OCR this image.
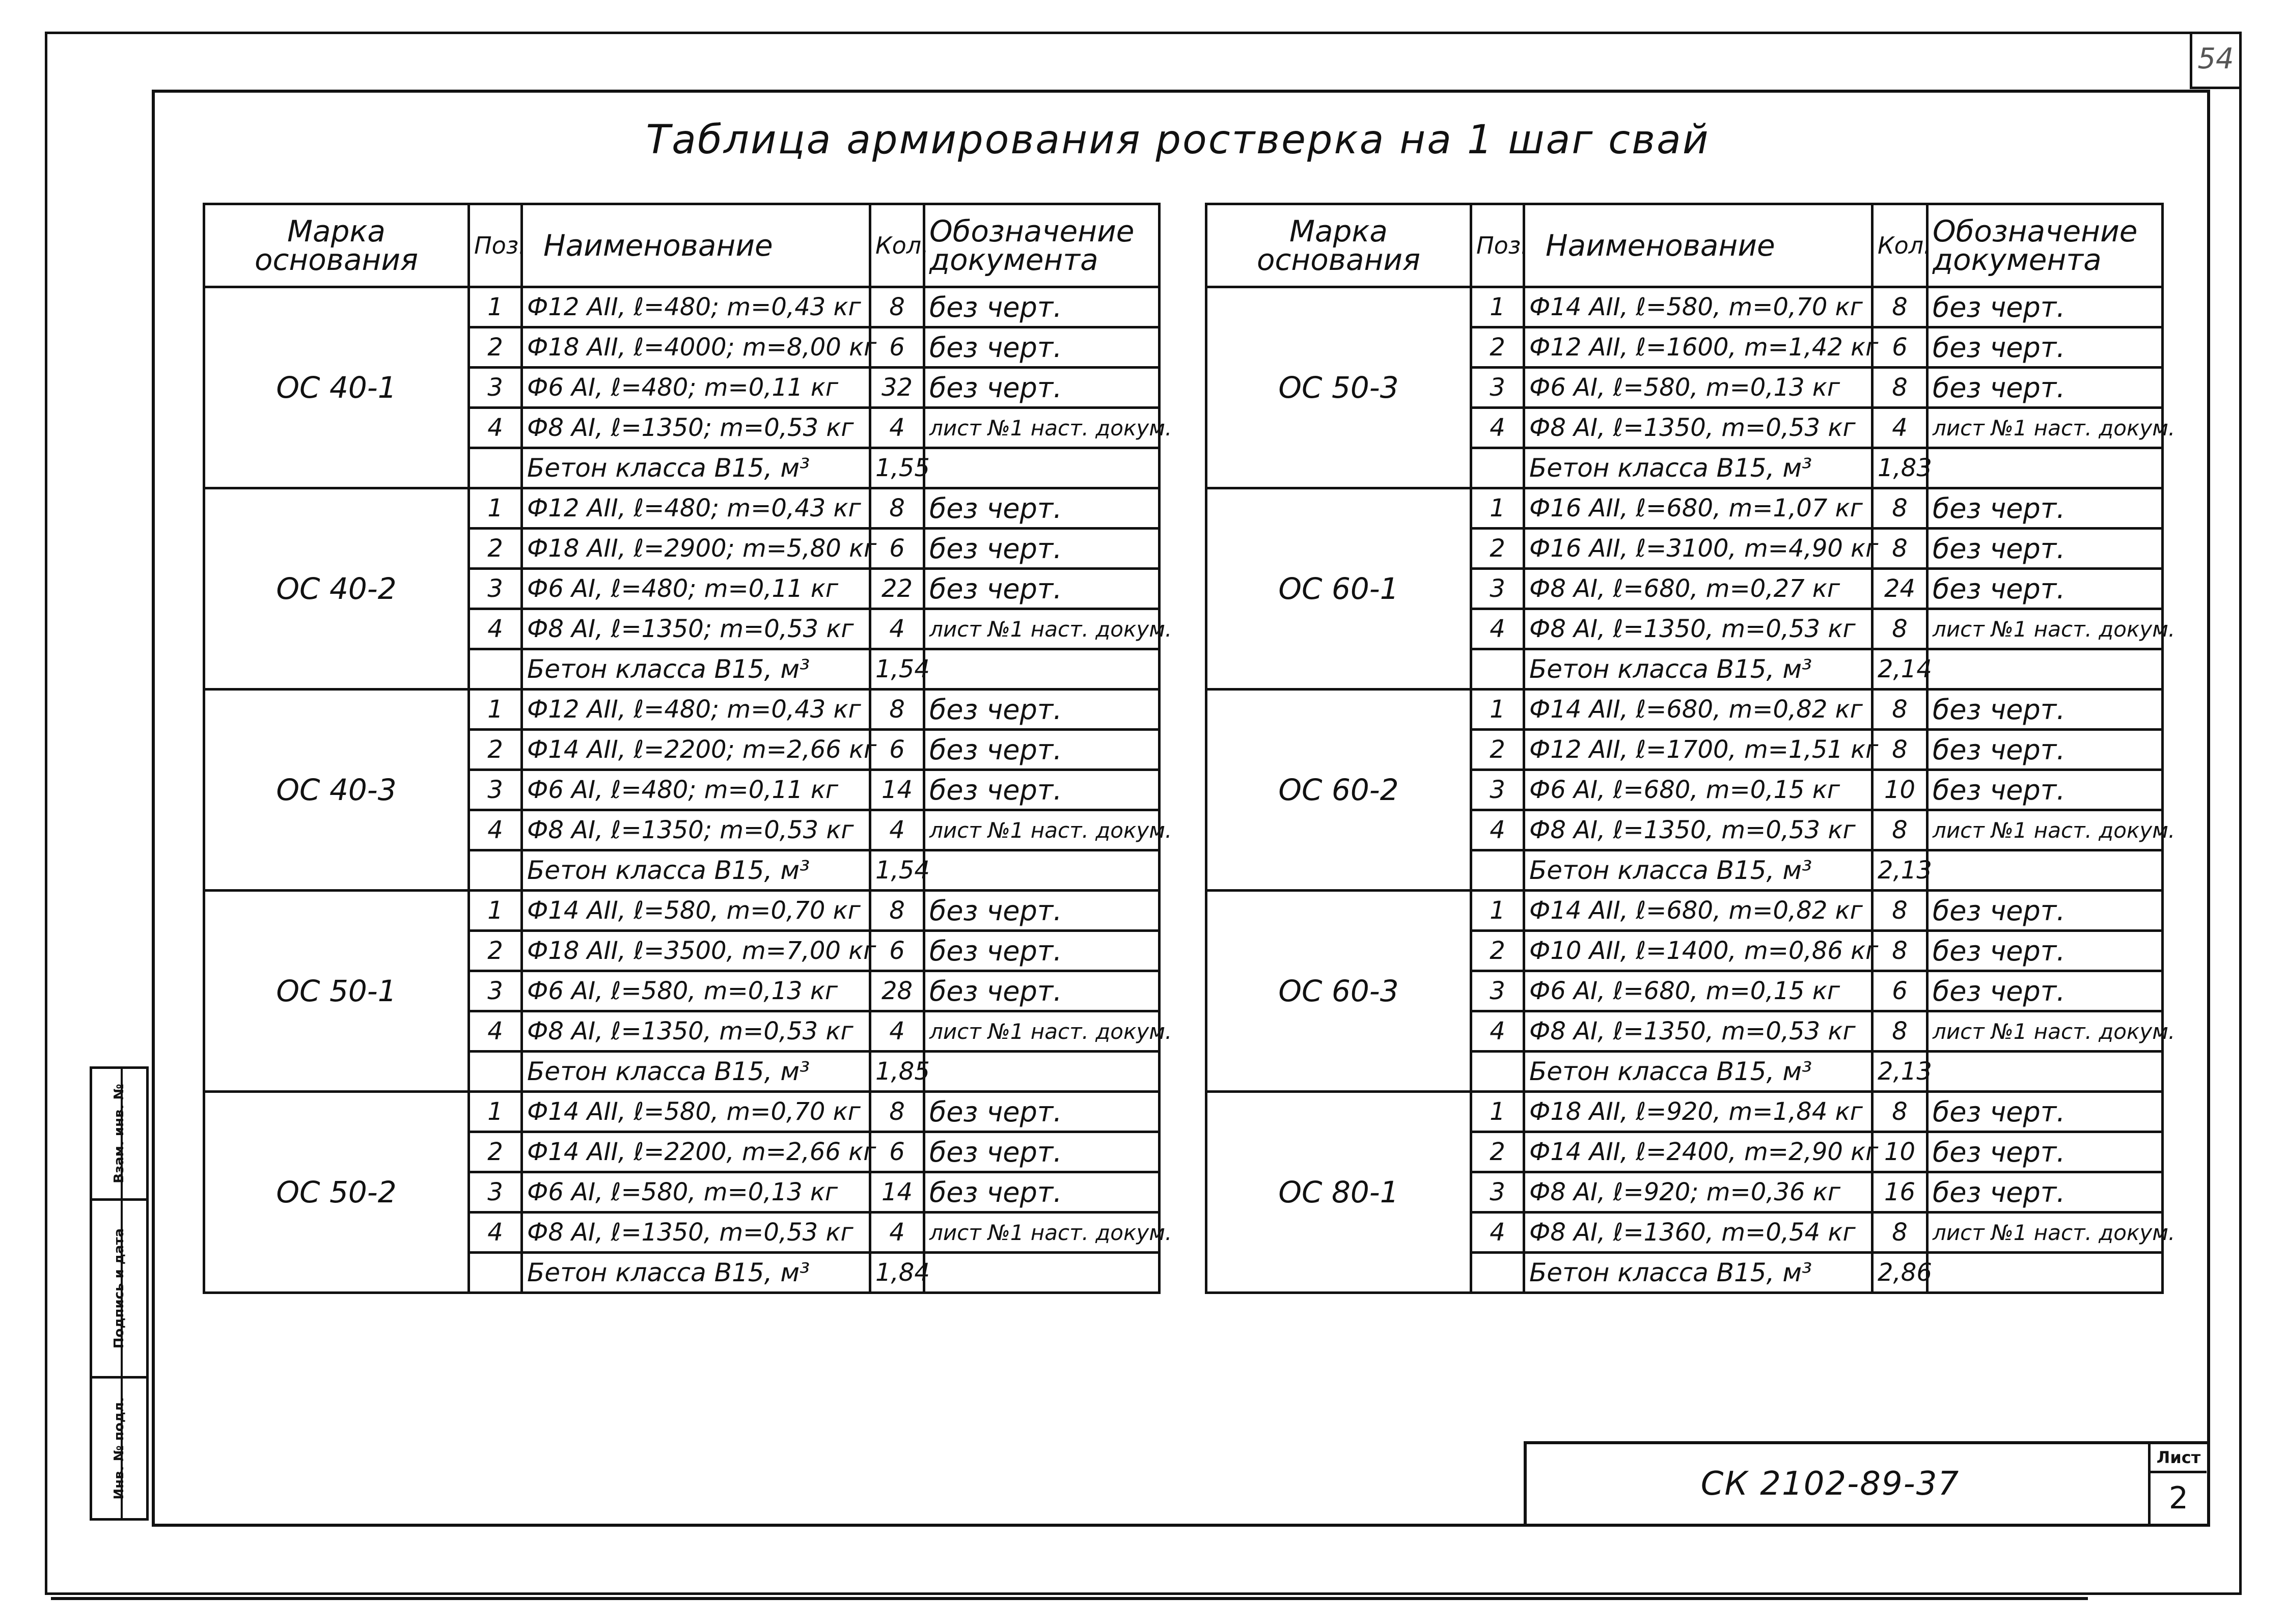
54
Таблица армирования ростверка на 1 шаг свай
Марка основания	Поз.	Наименование	Кол.	Обозначение документа
ОС 40-1	1	Ф12 АII, ℓ=480; m=0,43 кг	8	без черт.
	2	Ф18 АII, ℓ=4000; m=8,00 кг	6	без черт.
	3	Ф6 АI, ℓ=480; m=0,11 кг	32	без черт.
	4	Ф8 АI, ℓ=1350; m=0,53 кг	4	лист №1 наст. докум.
		Бетон класса В15, м³	1,55	
ОС 40-2	1	Ф12 АII, ℓ=480; m=0,43 кг	8	без черт.
	2	Ф18 АII, ℓ=2900; m=5,80 кг	6	без черт.
	3	Ф6 АI, ℓ=480; m=0,11 кг	22	без черт.
	4	Ф8 АI, ℓ=1350; m=0,53 кг	4	лист №1 наст. докум.
		Бетон класса В15, м³	1,54	
ОС 40-3	1	Ф12 АII, ℓ=480; m=0,43 кг	8	без черт.
	2	Ф14 АII, ℓ=2200; m=2,66 кг	6	без черт.
	3	Ф6 АI, ℓ=480; m=0,11 кг	14	без черт.
	4	Ф8 АI, ℓ=1350; m=0,53 кг	4	лист №1 наст. докум.
		Бетон класса В15, м³	1,54	
ОС 50-1	1	Ф14 АII, ℓ=580, m=0,70 кг	8	без черт.
	2	Ф18 АII, ℓ=3500, m=7,00 кг	6	без черт.
	3	Ф6 АI, ℓ=580, m=0,13 кг	28	без черт.
	4	Ф8 АI, ℓ=1350, m=0,53 кг	4	лист №1 наст. докум.
		Бетон класса В15, м³	1,85	
ОС 50-2	1	Ф14 АII, ℓ=580, m=0,70 кг	8	без черт.
	2	Ф14 АII, ℓ=2200, m=2,66 кг	6	без черт.
	3	Ф6 АI, ℓ=580, m=0,13 кг	14	без черт.
	4	Ф8 АI, ℓ=1350, m=0,53 кг	4	лист №1 наст. докум.
		Бетон класса В15, м³	1,84	
Марка основания	Поз.	Наименование	Кол.	Обозначение документа
ОС 50-3	1	Ф14 АII, ℓ=580, m=0,70 кг	8	без черт.
	2	Ф12 АII, ℓ=1600, m=1,42 кг	6	без черт.
	3	Ф6 АI, ℓ=580, m=0,13 кг	8	без черт.
	4	Ф8 АI, ℓ=1350, m=0,53 кг	4	лист №1 наст. докум.
		Бетон класса В15, м³	1,83	
ОС 60-1	1	Ф16 АII, ℓ=680, m=1,07 кг	8	без черт.
	2	Ф16 АII, ℓ=3100, m=4,90 кг	8	без черт.
	3	Ф8 АI, ℓ=680, m=0,27 кг	24	без черт.
	4	Ф8 АI, ℓ=1350, m=0,53 кг	8	лист №1 наст. докум.
		Бетон класса В15, м³	2,14	
ОС 60-2	1	Ф14 АII, ℓ=680, m=0,82 кг	8	без черт.
	2	Ф12 АII, ℓ=1700, m=1,51 кг	8	без черт.
	3	Ф6 АI, ℓ=680, m=0,15 кг	10	без черт.
	4	Ф8 АI, ℓ=1350, m=0,53 кг	8	лист №1 наст. докум.
		Бетон класса В15, м³	2,13	
ОС 60-3	1	Ф14 АII, ℓ=680, m=0,82 кг	8	без черт.
	2	Ф10 АII, ℓ=1400, m=0,86 кг	8	без черт.
	3	Ф6 АI, ℓ=680, m=0,15 кг	6	без черт.
	4	Ф8 АI, ℓ=1350, m=0,53 кг	8	лист №1 наст. докум.
		Бетон класса В15, м³	2,13	
ОС 80-1	1	Ф18 АII, ℓ=920, m=1,84 кг	8	без черт.
	2	Ф14 АII, ℓ=2400, m=2,90 кг	10	без черт.
	3	Ф8 АI, ℓ=920; m=0,36 кг	16	без черт.
	4	Ф8 АI, ℓ=1360, m=0,54 кг	8	лист №1 наст. докум.
		Бетон класса В15, м³	2,86	
Взам. инв. №
Подпись и дата
Инв. № подл.	СК 2102-89-37
Лист
2
